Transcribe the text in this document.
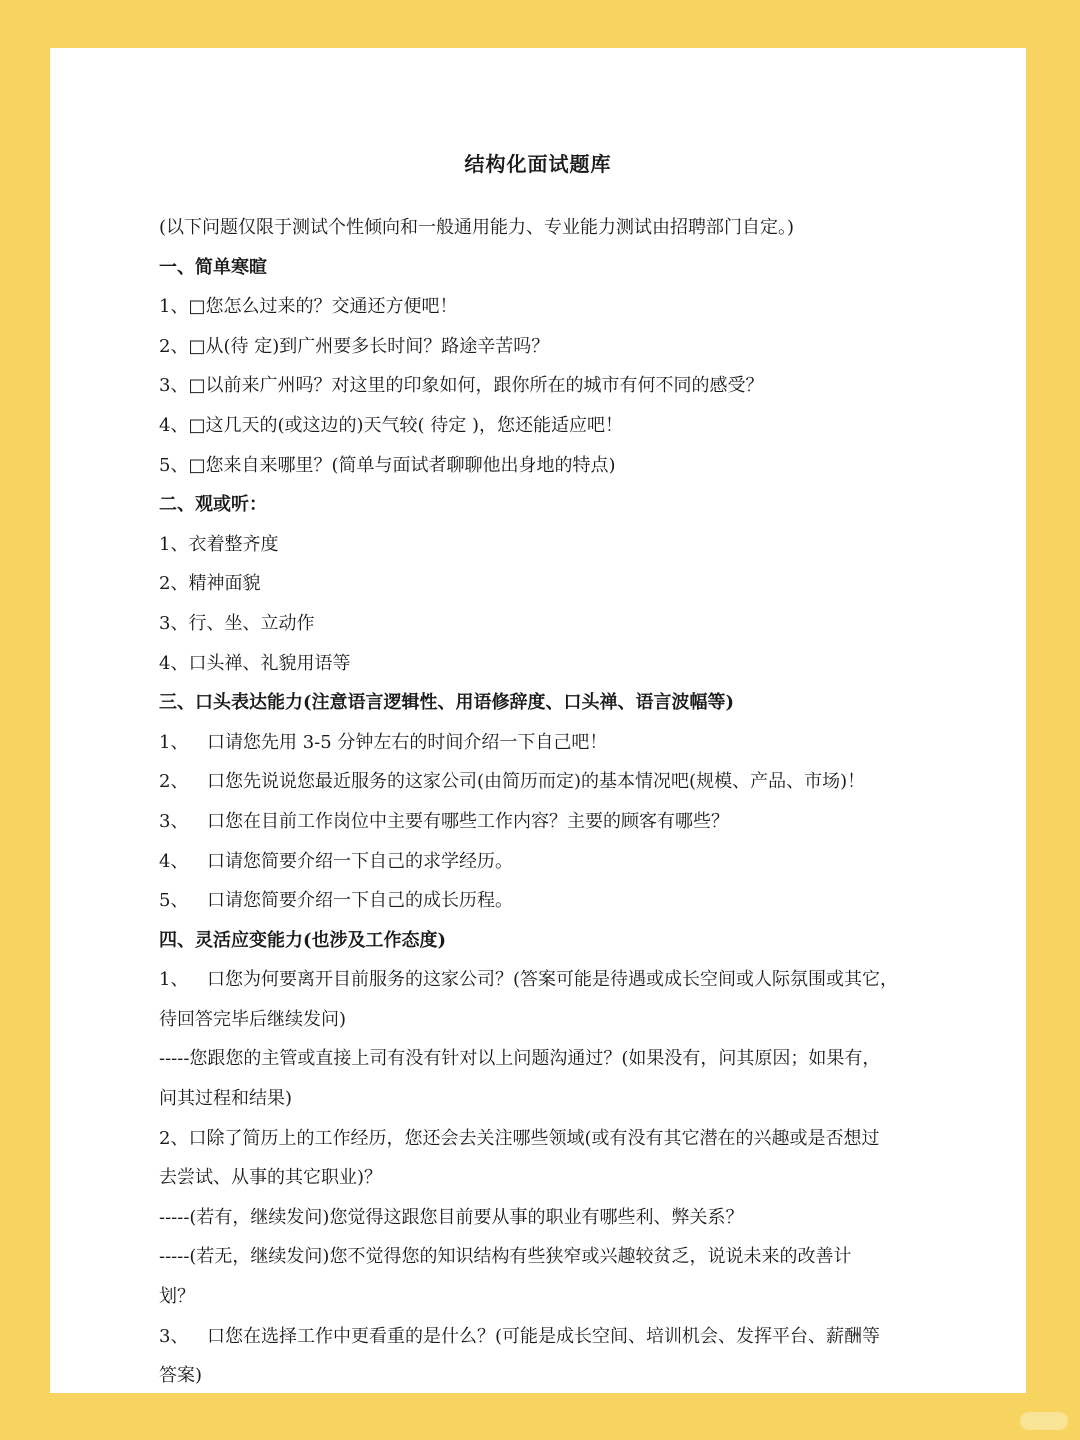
结构化面试题库
(以下问题仅限于测试个性倾向和一般通用能力、专业能力测试由招聘部门自定。)
一、简单寒暄
1、□您怎么过来的？交通还方便吧！
2、□从(待 定)到广州要多长时间？路途辛苦吗？
3、□以前来广州吗？对这里的印象如何，跟你所在的城市有何不同的感受？
4、□这几天的(或这边的)天气较( 待定 )，您还能适应吧！
5、□您来自来哪里？(简单与面试者聊聊他出身地的特点)
二、观或听：
1、衣着整齐度
2、精神面貌
3、行、坐、立动作
4、口头禅、礼貌用语等
三、口头表达能力(注意语言逻辑性、用语修辞度、口头禅、语言波幅等)
1、 口请您先用 3-5 分钟左右的时间介绍一下自己吧！
2、 口您先说说您最近服务的这家公司(由简历而定)的基本情况吧(规模、产品、市场)！
3、 口您在目前工作岗位中主要有哪些工作内容？主要的顾客有哪些？
4、 口请您简要介绍一下自己的求学经历。
5、 口请您简要介绍一下自己的成长历程。
四、灵活应变能力(也涉及工作态度)
1、 口您为何要离开目前服务的这家公司？(答案可能是待遇或成长空间或人际氛围或其它，
待回答完毕后继续发问)
-----您跟您的主管或直接上司有没有针对以上问题沟通过？(如果没有，问其原因；如果有，
问其过程和结果)
2、口除了简历上的工作经历，您还会去关注哪些领域(或有没有其它潜在的兴趣或是否想过
去尝试、从事的其它职业)？
-----(若有，继续发问)您觉得这跟您目前要从事的职业有哪些利、弊关系？
-----(若无，继续发问)您不觉得您的知识结构有些狭窄或兴趣较贫乏，说说未来的改善计
划？
3、 口您在选择工作中更看重的是什么？(可能是成长空间、培训机会、发挥平台、薪酬等
答案)
